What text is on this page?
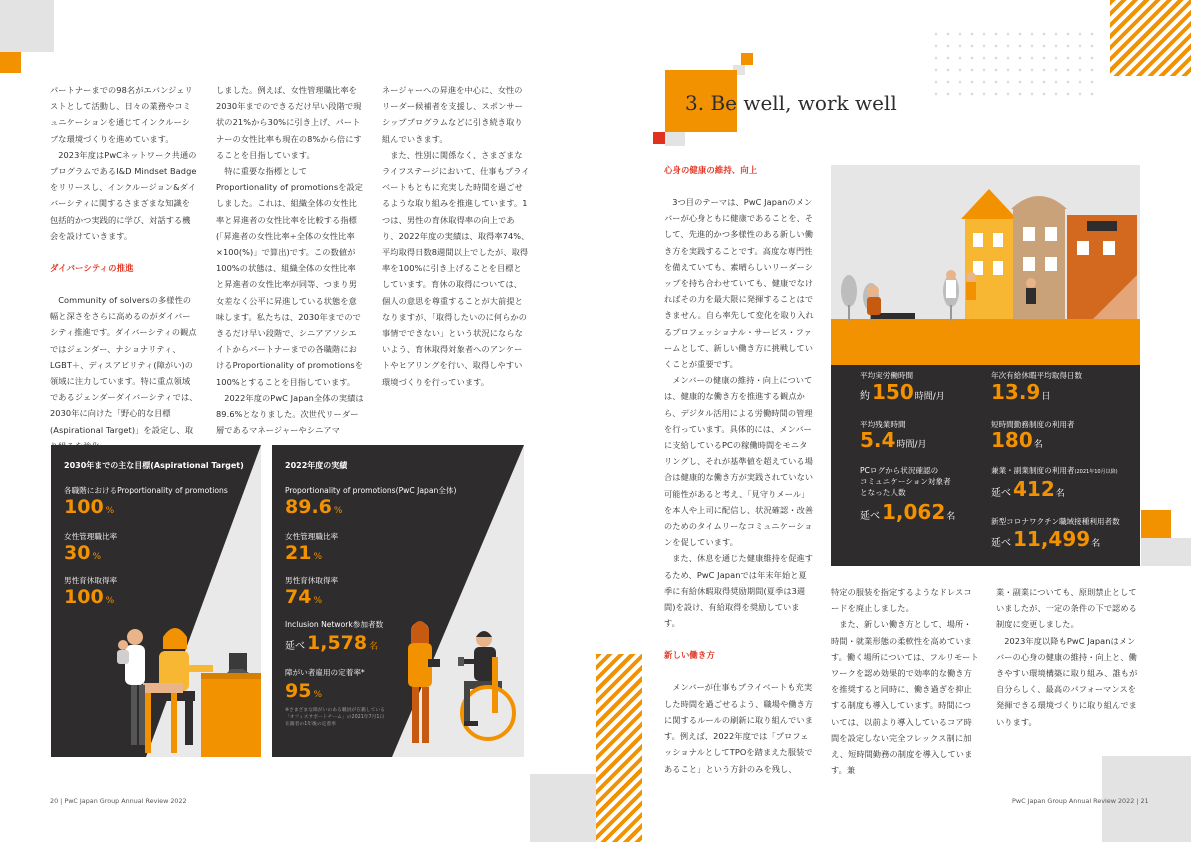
パートナーまでの98名がエバンジェリストとして活動し、日々の業務やコミュニケーションを通じてインクルーシブな環境づくりを進めています。

2023年度はPwCネットワーク共通のプログラムであるI&D Mindset Badgeをリリースし、インクルージョン&ダイバーシティに関するさまざまな知識を包括的かつ実践的に学び、対話する機会を設けていきます。

ダイバーシティの推進

Community of solversの多様性の幅と深さをさらに高めるのがダイバーシティ推進です。ダイバーシティの観点ではジェンダー、ナショナリティ、LGBT＋、ディスアビリティ(障がい)の領域に注力しています。特に重点領域であるジェンダーダイバーシティでは、2030年に向けた「野心的な目標(Aspirational Target)」を設定し、取

しました。例えば、女性管理職比率を2030年までのできるだけ早い段階で現状の21%から30%に引き上げ、パートナーの女性比率も現在の8%から倍にすることを目指しています。

特に重要な指標としてProportionality of promotionsを設定しました。これは、組織全体の女性比率と昇進者の女性比率を比較する指標(「昇進者の女性比率÷全体の女性比率×100(%)」で算出)です。この数値が100%の状態は、組織全体の女性比率と昇進者の女性比率が同等、つまり男女差なく公平に昇進している状態を意味します。私たちは、2030年までのできるだけ早い段階で、シニアアソシエイトからパートナーまでの各職階におけるProportionality of promotionsを100%とすることを目指しています。

2022年度のPwC Japan全体の実績は89.6%となりました。次世代リーダー層であるマネージャーやシニアマ

ネージャーへの昇進を中心に、女性のリーダー候補者を支援し、スポンサーシッププログラムなどに引き続き取り組んでいきます。

また、性別に関係なく、さまざまなライフステージにおいて、仕事もプライベートもともに充実した時間を過ごせるような取り組みを推進しています。1つは、男性の育休取得率の向上であり、2022年度の実績は、取得率74%、平均取得日数8週間以上でしたが、取得率を100%に引き上げることを目標としています。育休の取得については、個人の意思を尊重することが大前提となりますが、「取得したいのに何らかの事情でできない」という状況にならないよう、育休取得対象者へのアンケートやヒアリングを行い、取得しやすい環境づくりを行っています。

2030年までの主な目標(Aspirational Target)
各職階におけるProportionality of promotions
100 %
女性管理職比率
30 %
男性育休取得率
100 %
2022年度の実績
Proportionality of promotions(PwC Japan全体)
89.6 %
女性管理職比率
21 %
男性育休取得率
74 %
Inclusion Network参加者数
延べ 1,578 名
障がい者雇用の定着率*
95 %
※さまざまな障がいのある職員が在籍している「オフィスサポートチーム」の2021年7月1日在籍者の1年後の定着率
20 | PwC Japan Group Annual Review 2022
3. Be well, work well
心身の健康の維持、向上

3つ目のテーマは、PwC Japanのメンバーが心身ともに健康であることを、そして、先進的かつ多様性のある新しい働き方を実践することです。高度な専門性を備えていても、素晴らしいリーダーシップを持ち合わせていても、健康でなければその力を最大限に発揮することはできません。自ら率先して変化を取り入れるプロフェッショナル・サービス・ファームとして、新しい働き方に挑戦していくことが重要です。

メンバーの健康の維持・向上については、健康的な働き方を推進する観点から、デジタル活用による労働時間の管理を行っています。具体的には、メンバーに支給しているPCの稼働時間をモニタリングし、それが基準値を超えている場合は健康的な働き方が実践されていない可能性があると考え、「見守りメール」を本人や上司に配信し、状況確認・改善のためのタイムリーなコミュニケーションを促しています。

また、休息を通じた健康維持を促進するため、PwC Japanでは年末年始と夏季に有給休暇取得奨励期間(夏季は3週間)を設け、有給取得を奨励しています。

新しい働き方

メンバーが仕事もプライベートも充実した時間を過ごせるよう、職場や働き方に関するルールの刷新に取り組んでいます。例えば、2022年度では「プロフェッショナルとしてTPOを踏まえた服装であること」という方針のみを残し、

平均実労働時間
約 150時間/月
年次有給休暇平均取得日数
13.9日
平均残業時間
5.4時間/月
短時間勤務制度の利用者
180名
PCログから状況確認の
コミュニケーション対象者
となった人数
延べ 1,062名
兼業・副業制度の利用者(2021年10月以降)
延べ 412名
新型コロナワクチン職域接種利用者数
延べ 11,499名

特定の服装を指定するようなドレスコードを廃止しました。

また、新しい働き方として、場所・時間・就業形態の柔軟性を高めています。働く場所については、フルリモートワークを認め効果的で効率的な働き方を推奨すると同時に、働き過ぎを抑止する制度も導入しています。時間については、以前より導入しているコア時間を設定しない完全フレックス制に加え、短時間勤務の制度を導入しています。兼

業・副業についても、原則禁止としていましたが、一定の条件の下で認める制度に変更しました。

2023年度以降もPwC Japanはメンバーの心身の健康の維持・向上と、働きやすい環境構築に取り組み、誰もが自分らしく、最高のパフォーマンスを発揮できる環境づくりに取り組んでまいります。

PwC Japan Group Annual Review 2022 | 21
